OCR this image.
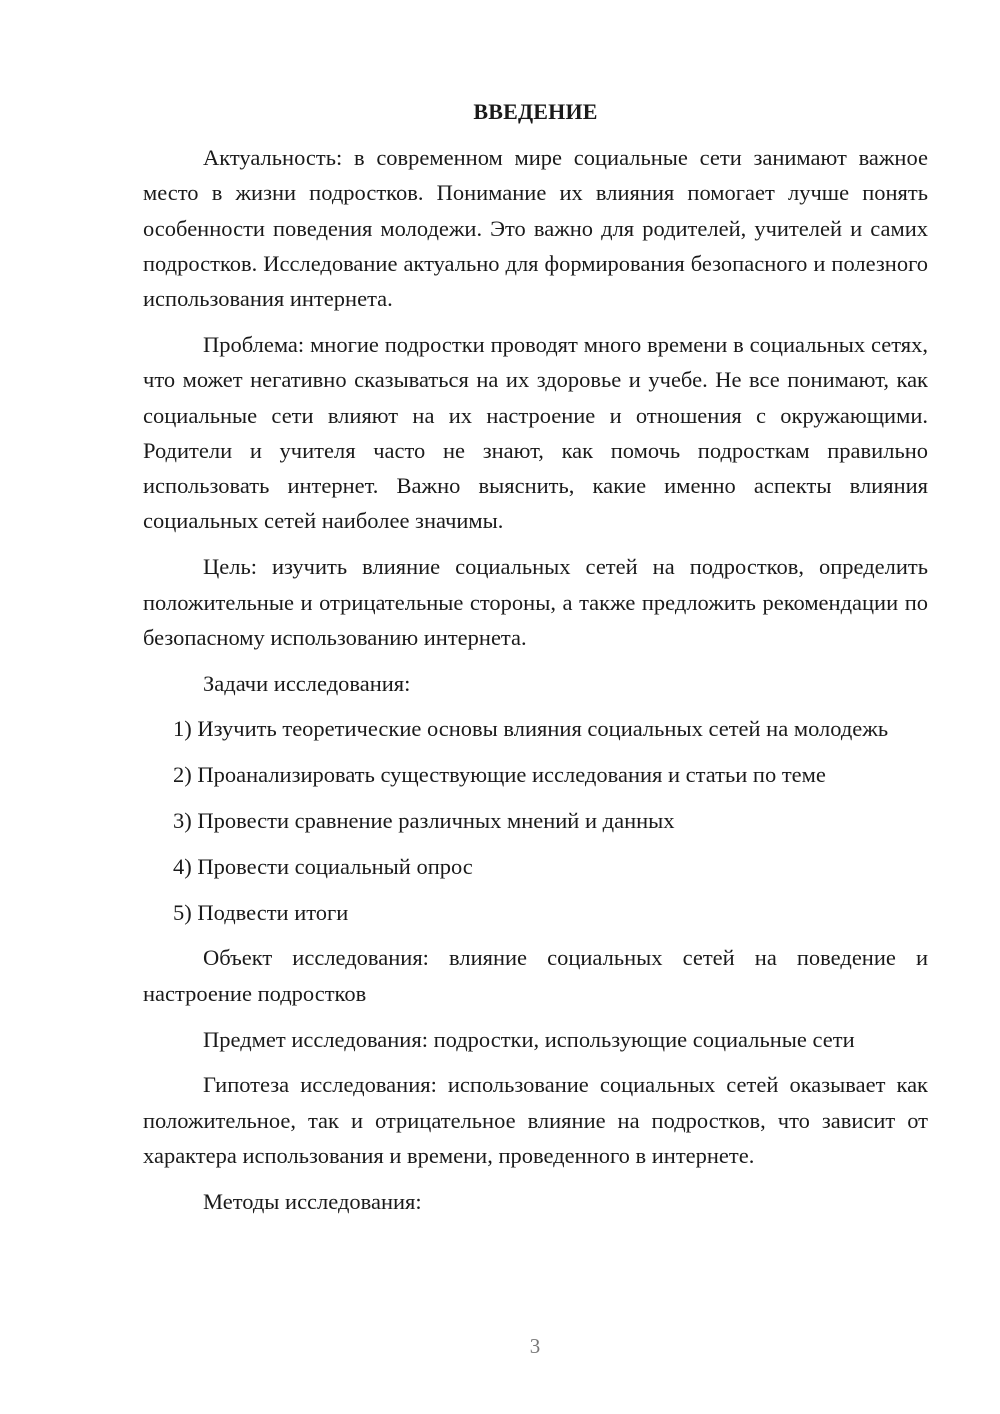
ВВЕДЕНИЕ

Актуальность: в современном мире социальные сети занимают важное место в жизни подростков. Понимание их влияния помогает лучше понять особенности поведения молодежи. Это важно для родителей, учителей и самих подростков. Исследование актуально для формирования безопасного и полезного использования интернета.

Проблема: многие подростки проводят много времени в социальных сетях, что может негативно сказываться на их здоровье и учебе. Не все понимают, как социальные сети влияют на их настроение и отношения с окружающими. Родители и учителя часто не знают, как помочь подросткам правильно использовать интернет. Важно выяснить, какие именно аспекты влияния социальных сетей наиболее значимы.

Цель: изучить влияние социальных сетей на подростков, определить положительные и отрицательные стороны, а также предложить рекомендации по безопасному использованию интернета.

Задачи исследования:

1) Изучить теоретические основы влияния социальных сетей на молодежь

2) Проанализировать существующие исследования и статьи по теме

3) Провести сравнение различных мнений и данных

4) Провести социальный опрос

5) Подвести итоги

Объект исследования: влияние социальных сетей на поведение и настроение подростков

Предмет исследования: подростки, использующие социальные сети

Гипотеза исследования: использование социальных сетей оказывает как положительное, так и отрицательное влияние на подростков, что зависит от характера использования и времени, проведенного в интернете.

Методы исследования:

3
